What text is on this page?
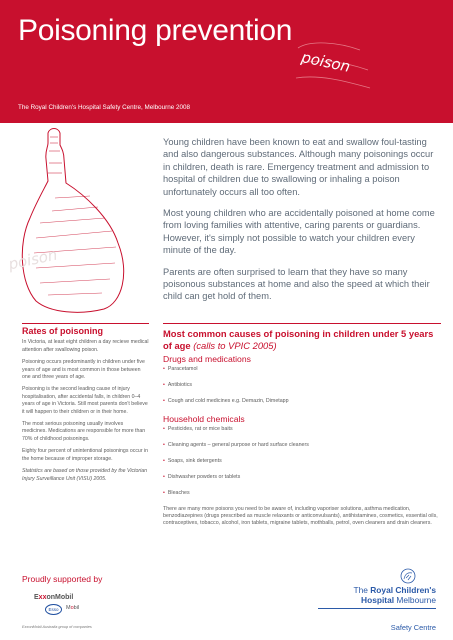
Poisoning prevention
The Royal Children's Hospital Safety Centre, Melbourne 2008
poison
poison

Young children have been known to eat and swallow foul-tasting and also dangerous substances. Although many poisonings occur in children, death is rare. Emergency treatment and admission to hospital of children due to swallowing or inhaling a poison unfortunately occurs all too often.

Most young children who are accidentally poisoned at home come from loving families with attentive, caring parents or guardians. However, it's simply not possible to watch your children every minute of the day.

Parents are often surprised to learn that they have so many poisonous substances at home and also the speed at which their child can get hold of them.

Rates of poisoning

In Victoria, at least eight children a day recieve medical attention after swallowing poison.

Poisoning occurs predominantly in children under five years of age and is most common in those between one and three years of age.

Poisoning is the second leading cause of injury hospitalisation, after accidental falls, in children 0–4 years of age in Victoria. Still most parents don't believe it will happen to their children or in their home.

The most serious poisoning usually involves medicines. Medications are responsible for more than 70% of childhood poisonings.

Eighty four percent of unintentional poisonings occur in the home because of improper storage.

Statistics are based on those provided by the Victorian Injury Surveillance Unit (VISU) 2005.

Most common causes of poisoning in children under 5 years of age (calls to VPIC 2005)
Drugs and medications
• Paracetamol
• Antibiotics
• Cough and cold medicines e.g. Demazin, Dimetapp
Household chemicals
• Pesticides, rat or mice baits
• Cleaning agents – general purpose or hard surface cleaners
• Soaps, sink detergents
• Dishwasher powders or tablets
• Bleaches

There are many more poisons you need to be aware of, including vaporiser solutions, asthma medication, benzodiazepines (drugs prescribed as muscle relaxants or anticonvulsants), antihistamines, cosmetics, essential oils, contraceptives, tobacco, alcohol, iron tablets, migraine tablets, mothballs, petrol, oven cleaners and drain cleaners.

Proudly supported by
ExxonMobil
Esso	Mobil
ExxonMobil Australia group of companies
The Royal Children's
Hospital Melbourne
Safety Centre
